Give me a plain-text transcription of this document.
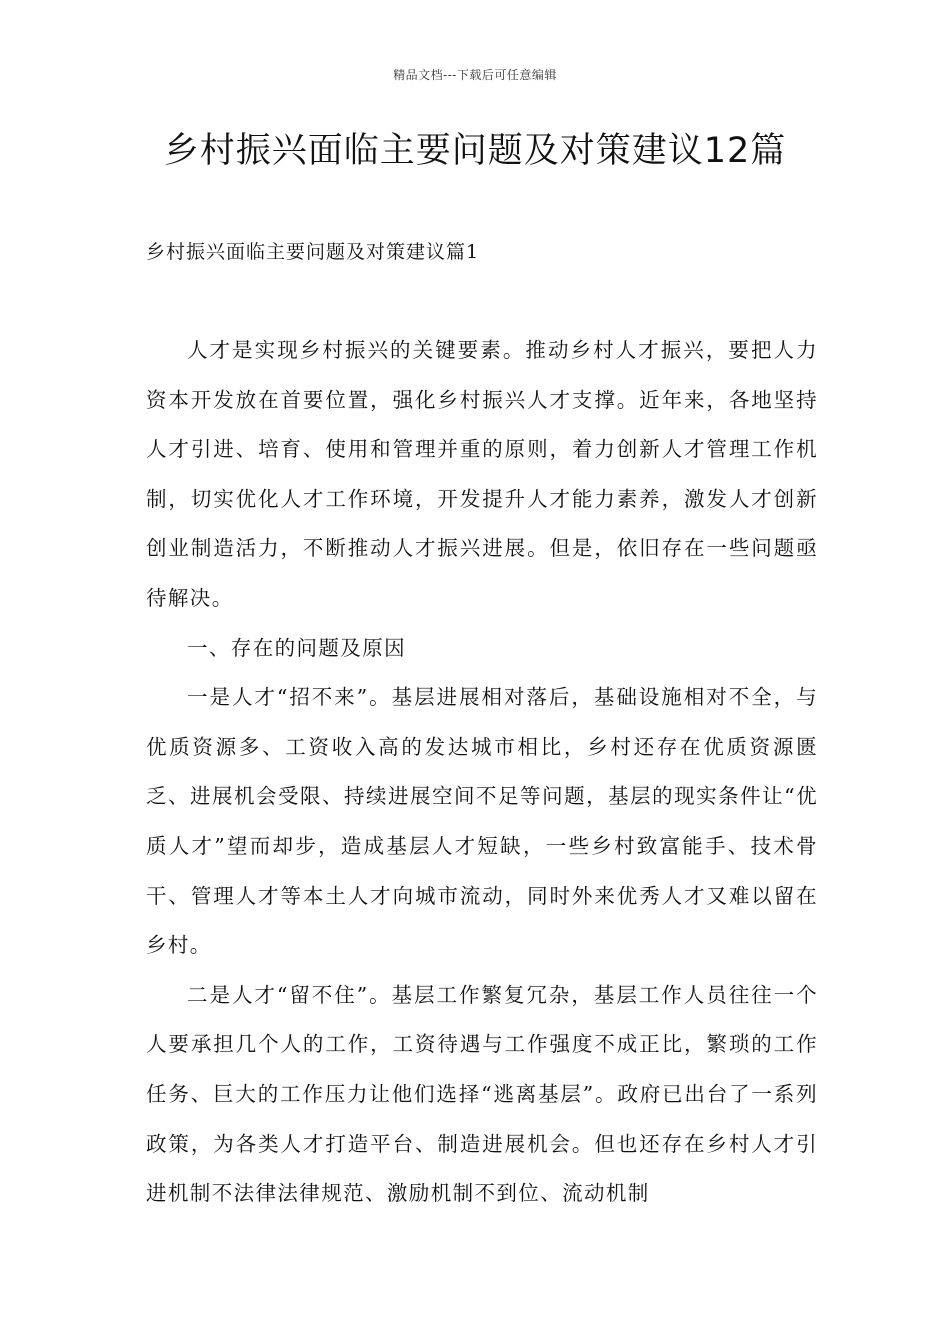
精品文档---下载后可任意编辑
乡村振兴面临主要问题及对策建议12篇
乡村振兴面临主要问题及对策建议篇1

人才是实现乡村振兴的关键要素。推动乡村人才振兴，要把人力资本开发放在首要位置，强化乡村振兴人才支撑。近年来，各地坚持人才引进、培育、使用和管理并重的原则，着力创新人才管理工作机制，切实优化人才工作环境，开发提升人才能力素养，激发人才创新创业制造活力，不断推动人才振兴进展。但是，依旧存在一些问题亟待解决。

一、存在的问题及原因

一是人才“招不来”。基层进展相对落后，基础设施相对不全，与优质资源多、工资收入高的发达城市相比，乡村还存在优质资源匮乏、进展机会受限、持续进展空间不足等问题，基层的现实条件让“优质人才”望而却步，造成基层人才短缺，一些乡村致富能手、技术骨干、管理人才等本土人才向城市流动，同时外来优秀人才又难以留在乡村。

二是人才“留不住”。基层工作繁复冗杂，基层工作人员往往一个人要承担几个人的工作，工资待遇与工作强度不成正比，繁琐的工作任务、巨大的工作压力让他们选择“逃离基层”。政府已出台了一系列政策，为各类人才打造平台、制造进展机会。但也还存在乡村人才引进机制不法律法律规范、激励机制不到位、流动机制
